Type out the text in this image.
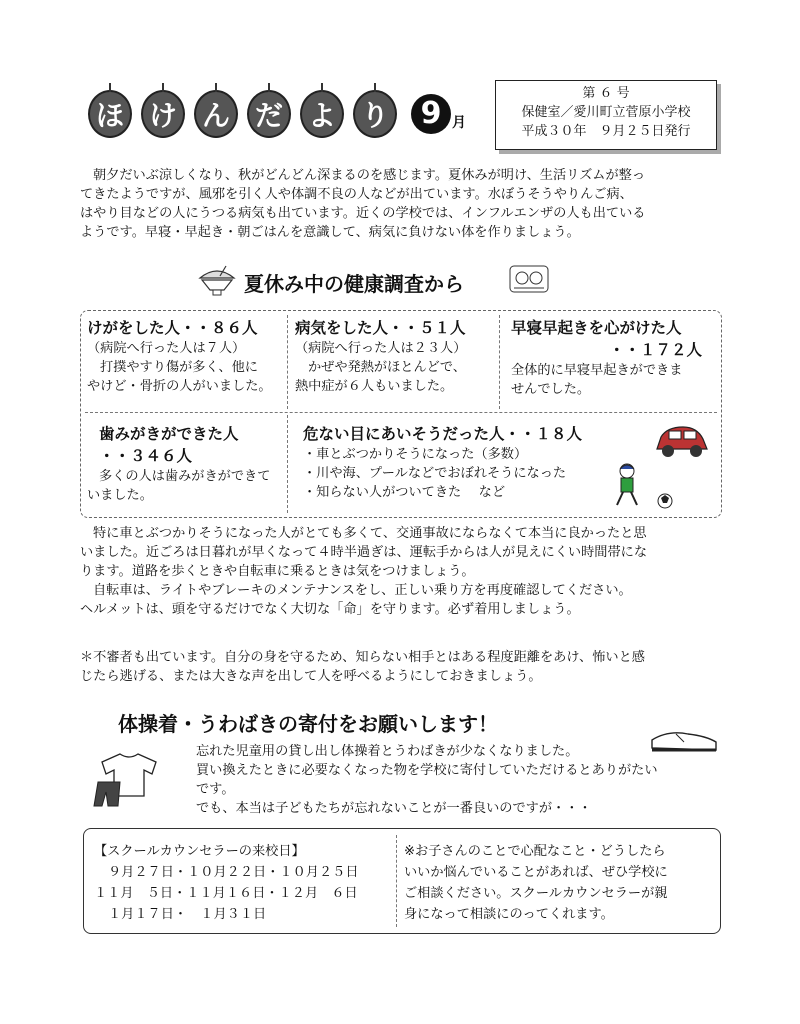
ほ け ん だ よ り	9 月
第 ６ 号
保健室／愛川町立菅原小学校
平成３０年　９月２５日発行

朝夕だいぶ涼しくなり、秋がどんどん深まるのを感じます。夏休みが明け、生活リズムが整っ

てきたようですが、風邪を引く人や体調不良の人などが出ています。水ぼうそうやりんご病、

はやり目などの人にうつる病気も出ています。近くの学校では、インフルエンザの人も出ている

ようです。早寝・早起き・朝ごはんを意識して、病気に負けない体を作りましょう。

夏休み中の健康調査から
けがをした人・・８６人
（病院へ行った人は７人）
打撲やすり傷が多く、他に
やけど・骨折の人がいました。
病気をした人・・５１人
（病院へ行った人は２３人）
かぜや発熱がほとんどで、
熱中症が６人もいました。
早寝早起きを心がけた人
・・１７２人
全体的に早寝早起きができま
せんでした。
歯みがきができた人
・・３４６人
多くの人は歯みがきができて
いました。
危ない目にあいそうだった人・・１８人
・車とぶつかりそうになった（多数）
・川や海、プールなどでおぼれそうになった
・知らない人がついてきた　 など

特に車とぶつかりそうになった人がとても多くて、交通事故にならなくて本当に良かったと思

いました。近ごろは日暮れが早くなって４時半過ぎは、運転手からは人が見えにくい時間帯にな

ります。道路を歩くときや自転車に乗るときは気をつけましょう。

自転車は、ライトやブレーキのメンテナンスをし、正しい乗り方を再度確認してください。

ヘルメットは、頭を守るだけでなく大切な「命」を守ります。必ず着用しましょう。

＊不審者も出ています。自分の身を守るため、知らない相手とはある程度距離をあけ、怖いと感

じたら逃げる、または大きな声を出して人を呼べるようにしておきましょう。

体操着・うわばきの寄付をお願いします！

忘れた児童用の貸し出し体操着とうわばきが少なくなりました。

買い換えたときに必要なくなった物を学校に寄付していただけるとありがたい

です。

でも、本当は子どもたちが忘れないことが一番良いのですが・・・

【スクールカウンセラーの来校日】
９月２７日・１０月２２日・１０月２５日
１１月　５日・１１月１６日・１２月　６日
１月１７日・　１月３１日
※お子さんのことで心配なこと・どうしたら
いいか悩んでいることがあれば、ぜひ学校に
ご相談ください。スクールカウンセラーが親
身になって相談にのってくれます。
